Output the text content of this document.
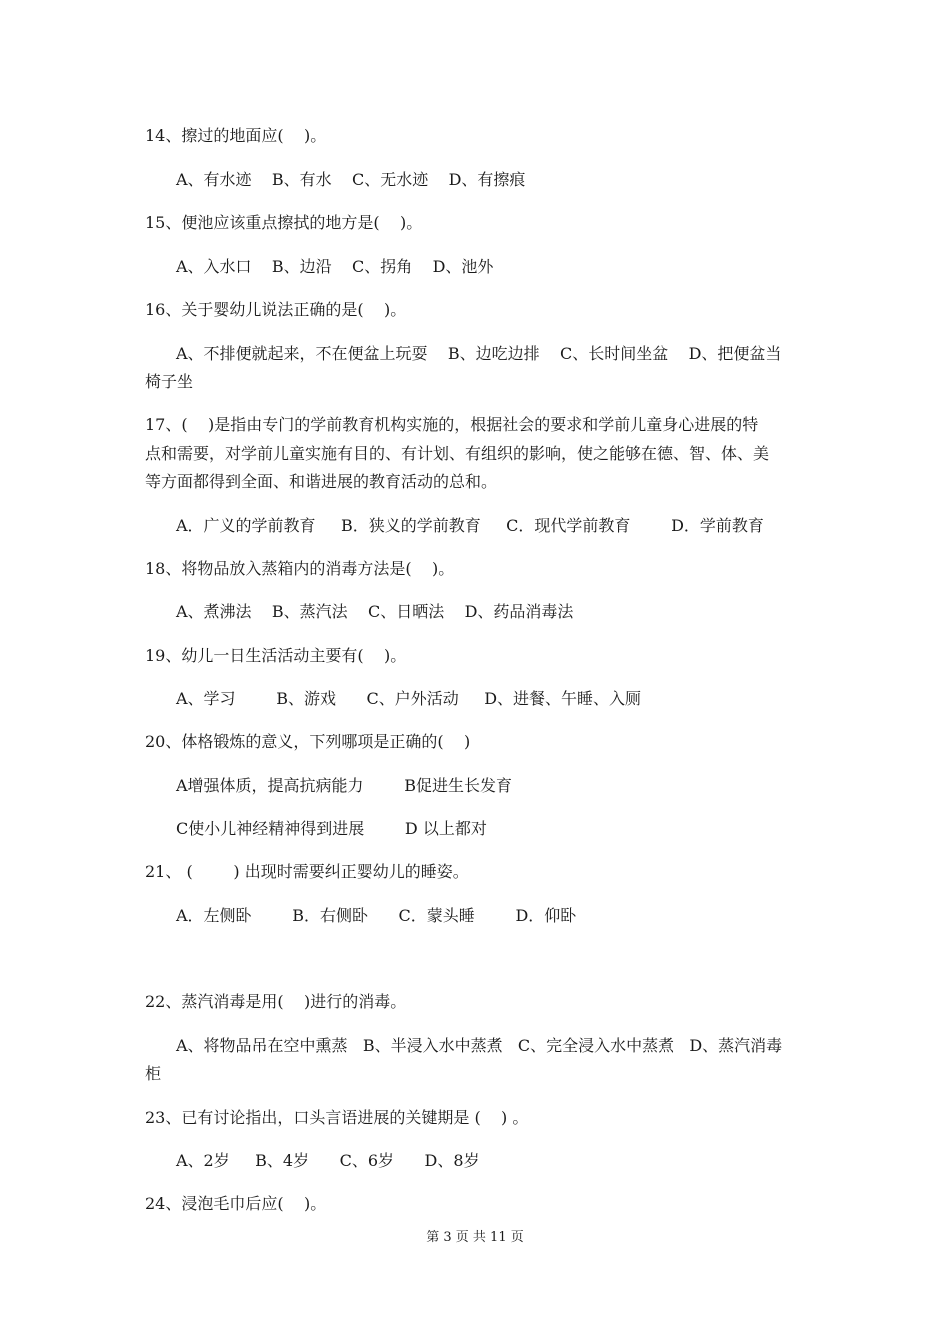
14、擦过的地面应(    )。
A、有水迹    B、有水    C、无水迹    D、有擦痕
15、便池应该重点擦拭的地方是(    )。
A、入水口    B、边沿    C、拐角    D、池外
16、关于婴幼儿说法正确的是(    )。
A、不排便就起来，不在便盆上玩耍    B、边吃边排    C、长时间坐盆    D、把便盆当
椅子坐
17、(    )是指由专门的学前教育机构实施的，根据社会的要求和学前儿童身心进展的特
点和需要，对学前儿童实施有目的、有计划、有组织的影响，使之能够在德、智、体、美
等方面都得到全面、和谐进展的教育活动的总和。
A．广义的学前教育     B．狭义的学前教育     C．现代学前教育        D．学前教育
18、将物品放入蒸箱内的消毒方法是(    )。
A、煮沸法    B、蒸汽法    C、日晒法    D、药品消毒法
19、幼儿一日生活活动主要有(    )。
A、学习        B、游戏      C、户外活动     D、进餐、午睡、入厕
20、体格锻炼的意义，下列哪项是正确的(    )
A增强体质，提高抗病能力        B促进生长发育
C使小儿神经精神得到进展        D 以上都对
21、 (        ) 出现时需要纠正婴幼儿的睡姿。
A．左侧卧        B．右侧卧      C．蒙头睡        D．仰卧
22、蒸汽消毒是用(    )进行的消毒。
A、将物品吊在空中熏蒸   B、半浸入水中蒸煮   C、完全浸入水中蒸煮   D、蒸汽消毒
柜
23、已有讨论指出，口头言语进展的关键期是 (    ) 。
A、2岁     B、4岁      C、6岁      D、8岁
24、浸泡毛巾后应(    )。
第 3 页 共 11 页
